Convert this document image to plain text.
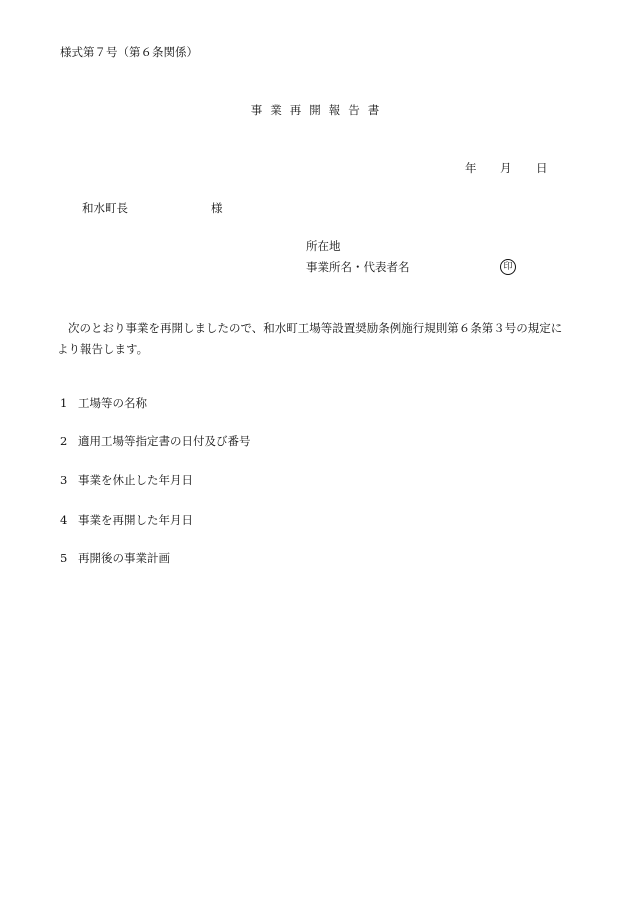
様式第７号（第６条関係）
事業再開報告書
年 月 日
和水町長	様
所在地
事業所名・代表者名	印
次のとおり事業を再開しましたので、和水町工場等設置奨励条例施行規則第６条第３号の規定により報告します。
1 工場等の名称
2 適用工場等指定書の日付及び番号
3 事業を休止した年月日
4 事業を再開した年月日
5 再開後の事業計画
